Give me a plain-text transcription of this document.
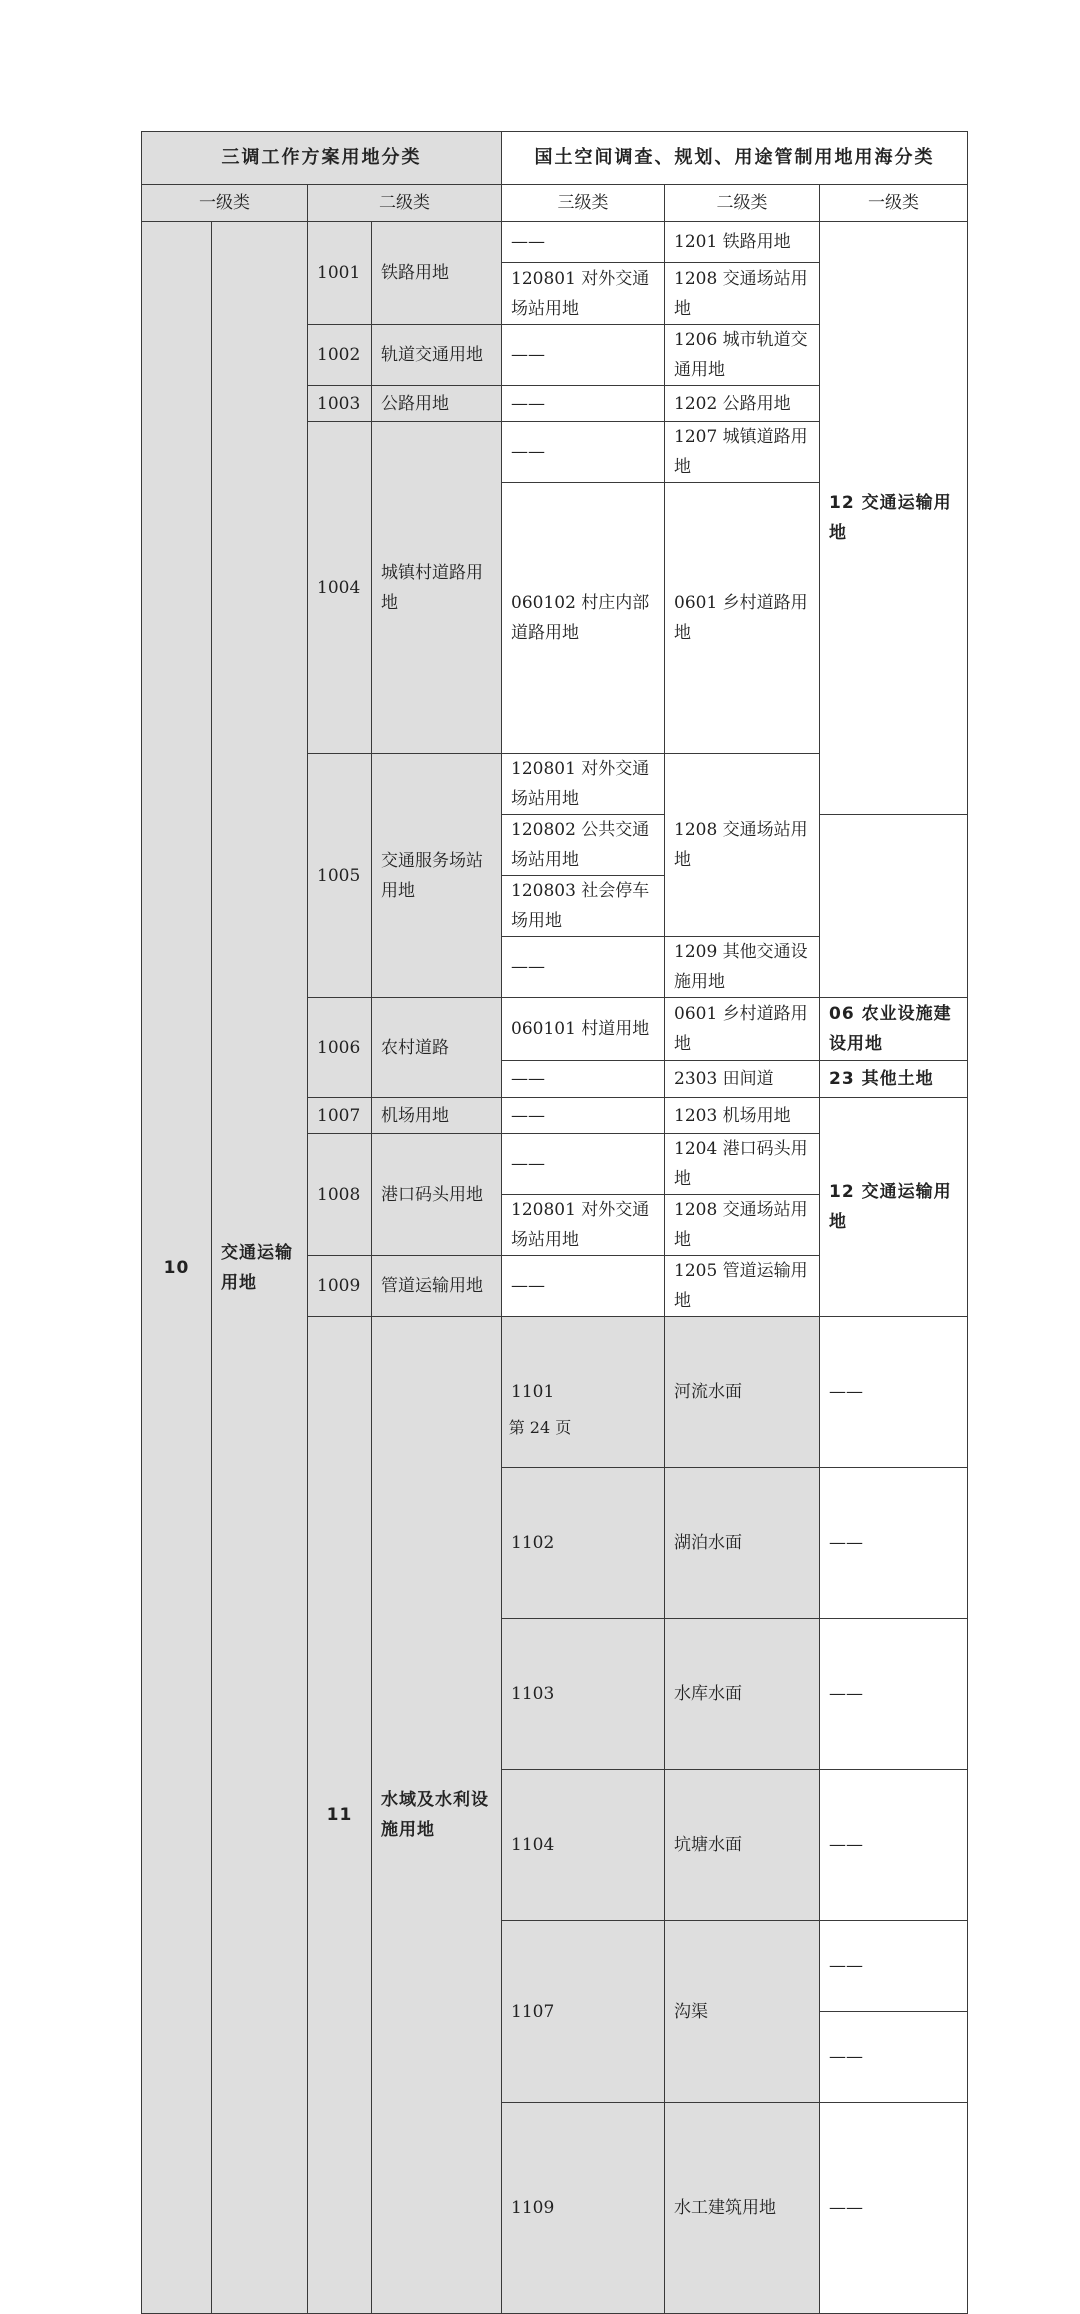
三调工作方案用地分类				国土空间调查、规划、用途管制用地用海分类			
一级类		二级类		三级类	二级类	一级类	
10	交通运输用地	1001	铁路用地	——	1201 铁路用地	12 交通运输用地	
				120801 对外交通场站用地	1208 交通场站用地		
		1002	轨道交通用地	——	1206 城市轨道交通用地		
		1003	公路用地	——	1202 公路用地		
		1004	城镇村道路用地	——	1207 城镇道路用地		
				060102 村庄内部道路用地	0601 乡村道路用地	
		1005	交通服务场站用地	120801 对外交通场站用地	1208 交通场站用地	
				120802 公共交通场站用地			
				120803 社会停车场用地			
				——	1209 其他交通设施用地		
		1006	农村道路	060101 村道用地	0601 乡村道路用地	06 农业设施建设用地	
				——	2303 田间道	23 其他土地	
		1007	机场用地	——	1203 机场用地	12 交通运输用地	
		1008	港口码头用地	——	1204 港口码头用地		
				120801 对外交通场站用地	1208 交通场站用地		
		1009	管道运输用地	——	1205 管道运输用地		
		11	水域及水利设施用地	1101	河流水面	——		
				1102	湖泊水面	——	
				1103	水库水面	——	
				1104	坑塘水面	——	
				1107	沟渠	——	
						——		
				1109	水工建筑用地	——	
第 24 页
